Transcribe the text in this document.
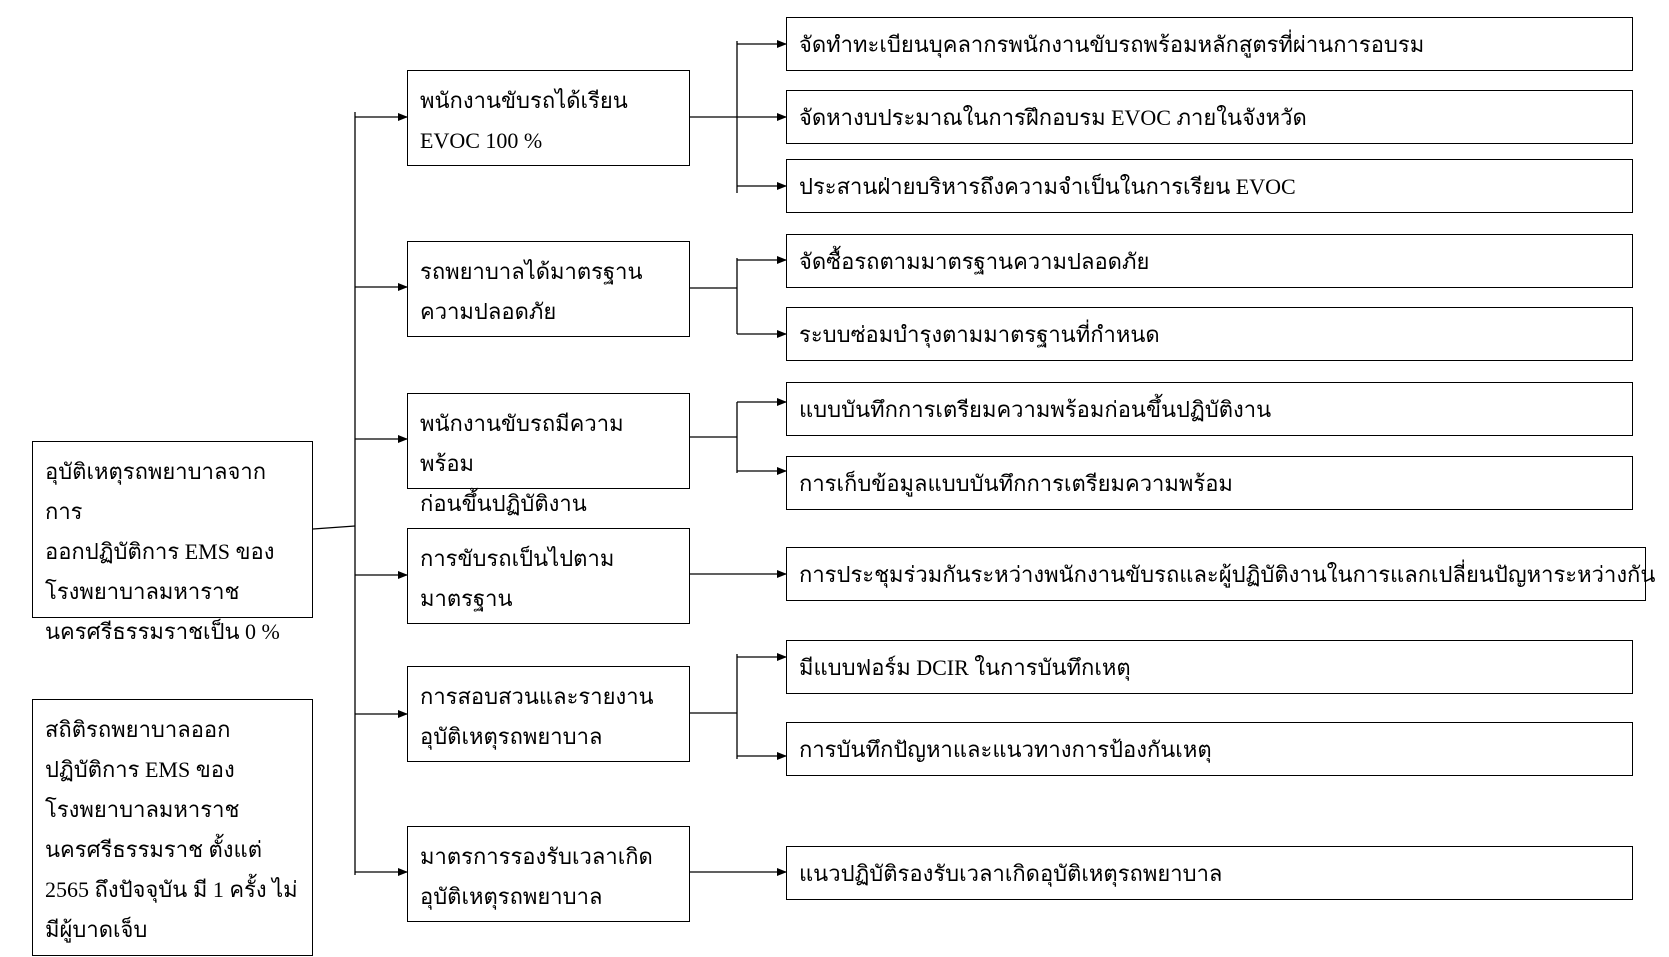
อุบัติเหตุรถพยาบาลจากการ
ออกปฏิบัติการ EMS ของ
โรงพยาบาลมหาราช
นครศรีธรรมราชเป็น 0 %
สถิติรถพยาบาลออก
ปฏิบัติการ EMS ของ
โรงพยาบาลมหาราช
นครศรีธรรมราช ตั้งแต่
2565 ถึงปัจจุบัน มี 1 ครั้ง ไม่
มีผู้บาดเจ็บ
พนักงานขับรถได้เรียน
EVOC 100 %
รถพยาบาลได้มาตรฐาน
ความปลอดภัย
พนักงานขับรถมีความพร้อม
ก่อนขึ้นปฏิบัติงาน
การขับรถเป็นไปตาม
มาตรฐาน
การสอบสวนและรายงาน
อุบัติเหตุรถพยาบาล
มาตรการรองรับเวลาเกิด
อุบัติเหตุรถพยาบาล
จัดทำทะเบียนบุคลากรพนักงานขับรถพร้อมหลักสูตรที่ผ่านการอบรม
จัดหางบประมาณในการฝึกอบรม EVOC ภายในจังหวัด
ประสานฝ่ายบริหารถึงความจำเป็นในการเรียน EVOC
จัดซื้อรถตามมาตรฐานความปลอดภัย
ระบบซ่อมบำรุงตามมาตรฐานที่กำหนด
แบบบันทึกการเตรียมความพร้อมก่อนขึ้นปฏิบัติงาน
การเก็บข้อมูลแบบบันทึกการเตรียมความพร้อม
การประชุมร่วมกันระหว่างพนักงานขับรถและผู้ปฏิบัติงานในการแลกเปลี่ยนปัญหาระหว่างกัน
มีแบบฟอร์ม DCIR ในการบันทึกเหตุ
การบันทึกปัญหาและแนวทางการป้องกันเหตุ
แนวปฏิบัติรองรับเวลาเกิดอุบัติเหตุรถพยาบาล
